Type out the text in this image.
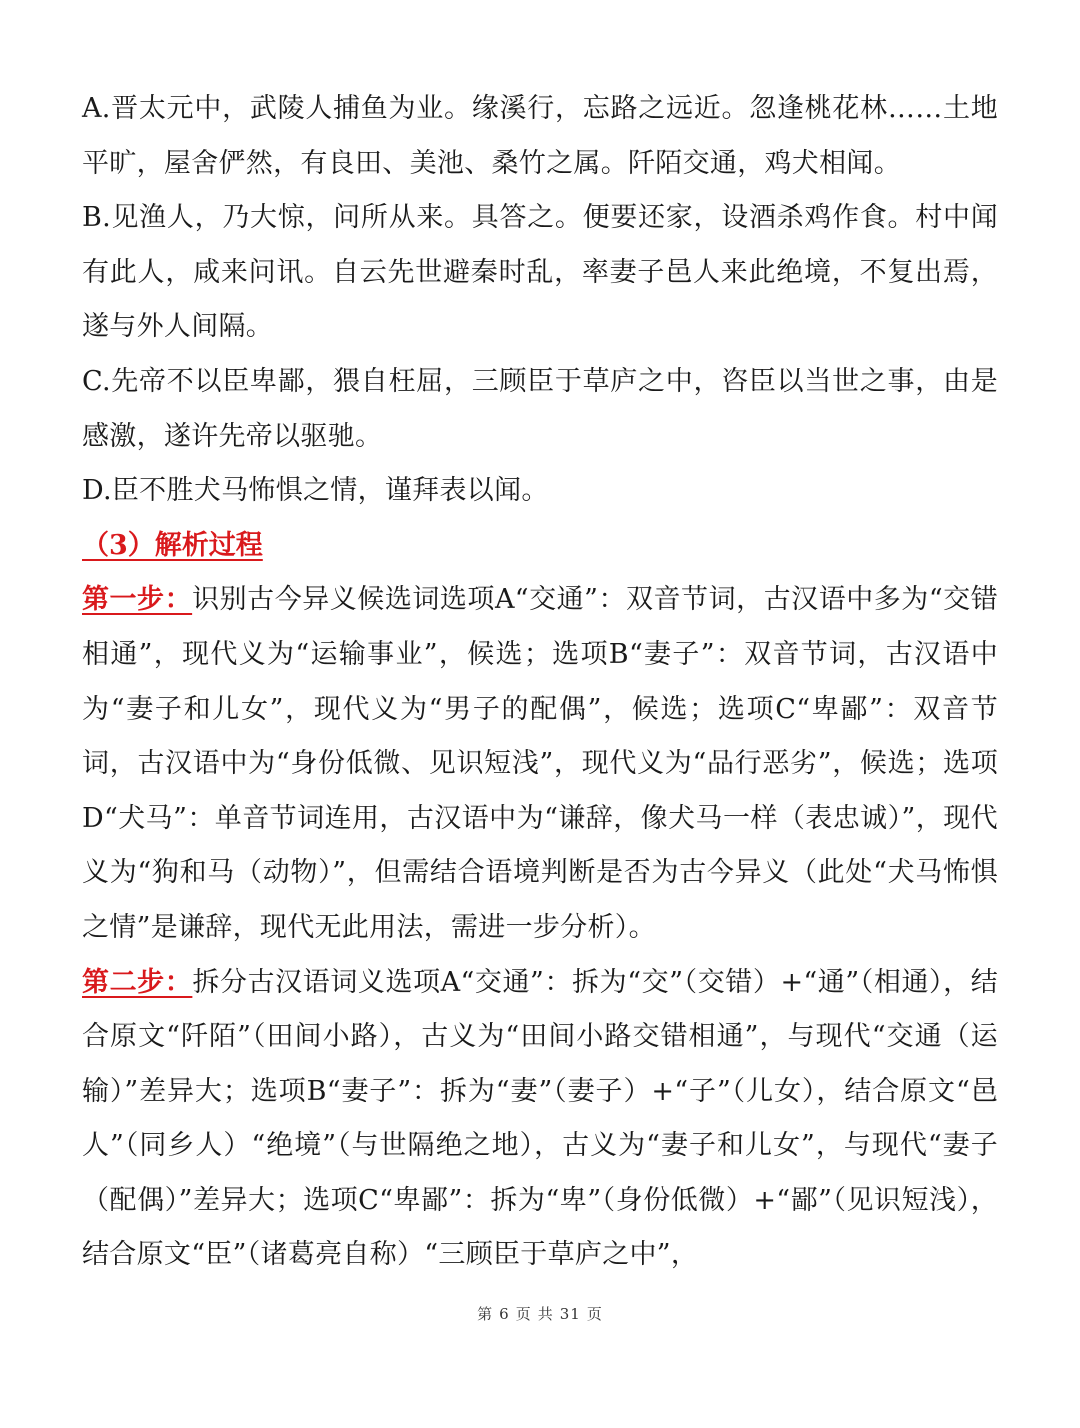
A.晋太元中，武陵人捕鱼为业。缘溪行，忘路之远近。忽逢桃花林……土地平旷，屋舍俨然，有良田、美池、桑竹之属。阡陌交通，鸡犬相闻。

B.见渔人，乃大惊，问所从来。具答之。便要还家，设酒杀鸡作食。村中闻有此人，咸来问讯。自云先世避秦时乱，率妻子邑人来此绝境，不复出焉，遂与外人间隔。

C.先帝不以臣卑鄙，猥自枉屈，三顾臣于草庐之中，咨臣以当世之事，由是感激，遂许先帝以驱驰。

D.臣不胜犬马怖惧之情，谨拜表以闻。

（3）解析过程

第一步：识别古今异义候选词选项A“交通”：双音节词，古汉语中多为“交错相通”，现代义为“运输事业”，候选；选项B“妻子”：双音节词，古汉语中为“妻子和儿女”，现代义为“男子的配偶”，候选；选项C“卑鄙”：双音节词，古汉语中为“身份低微、见识短浅”，现代义为“品行恶劣”，候选；选项D“犬马”：单音节词连用，古汉语中为“谦辞，像犬马一样（表忠诚）”，现代义为“狗和马（动物）”，但需结合语境判断是否为古今异义（此处“犬马怖惧之情”是谦辞，现代无此用法，需进一步分析）。

第二步：拆分古汉语词义选项A“交通”：拆为“交”（交错）+“通”（相通），结合原文“阡陌”（田间小路），古义为“田间小路交错相通”，与现代“交通（运输）”差异大；选项B“妻子”：拆为“妻”（妻子）+“子”（儿女），结合原文“邑人”（同乡人）“绝境”（与世隔绝之地），古义为“妻子和儿女”，与现代“妻子（配偶）”差异大；选项C“卑鄙”：拆为“卑”（身份低微）+“鄙”（见识短浅），结合原文“臣”（诸葛亮自称）“三顾臣于草庐之中”，

第 6 页 共 31 页
